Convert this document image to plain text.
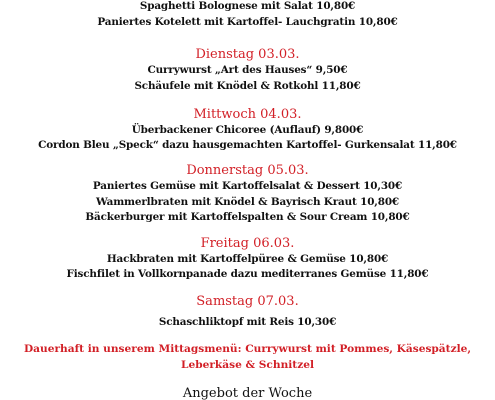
Spaghetti Bolognese mit Salat 10,80€
Paniertes Kotelett mit Kartoffel- Lauchgratin 10,80€
Dienstag 03.03.
Currywurst „Art des Hauses“ 9,50€
Schäufele mit Knödel & Rotkohl 11,80€
Mittwoch 04.03.
Überbackener Chicoree (Auflauf) 9,800€
Cordon Bleu „Speck“ dazu hausgemachten Kartoffel- Gurkensalat 11,80€
Donnerstag 05.03.
Paniertes Gemüse mit Kartoffelsalat & Dessert 10,30€
Wammerlbraten mit Knödel & Bayrisch Kraut 10,80€
Bäckerburger mit Kartoffelspalten & Sour Cream 10,80€
Freitag 06.03.
Hackbraten mit Kartoffelpüree & Gemüse 10,80€
Fischfilet in Vollkornpanade dazu mediterranes Gemüse 11,80€
Samstag 07.03.
Schaschliktopf mit Reis 10,30€
Dauerhaft in unserem Mittagsmenü: Currywurst mit Pommes, Käsespätzle,
Leberkäse & Schnitzel
Angebot der Woche
